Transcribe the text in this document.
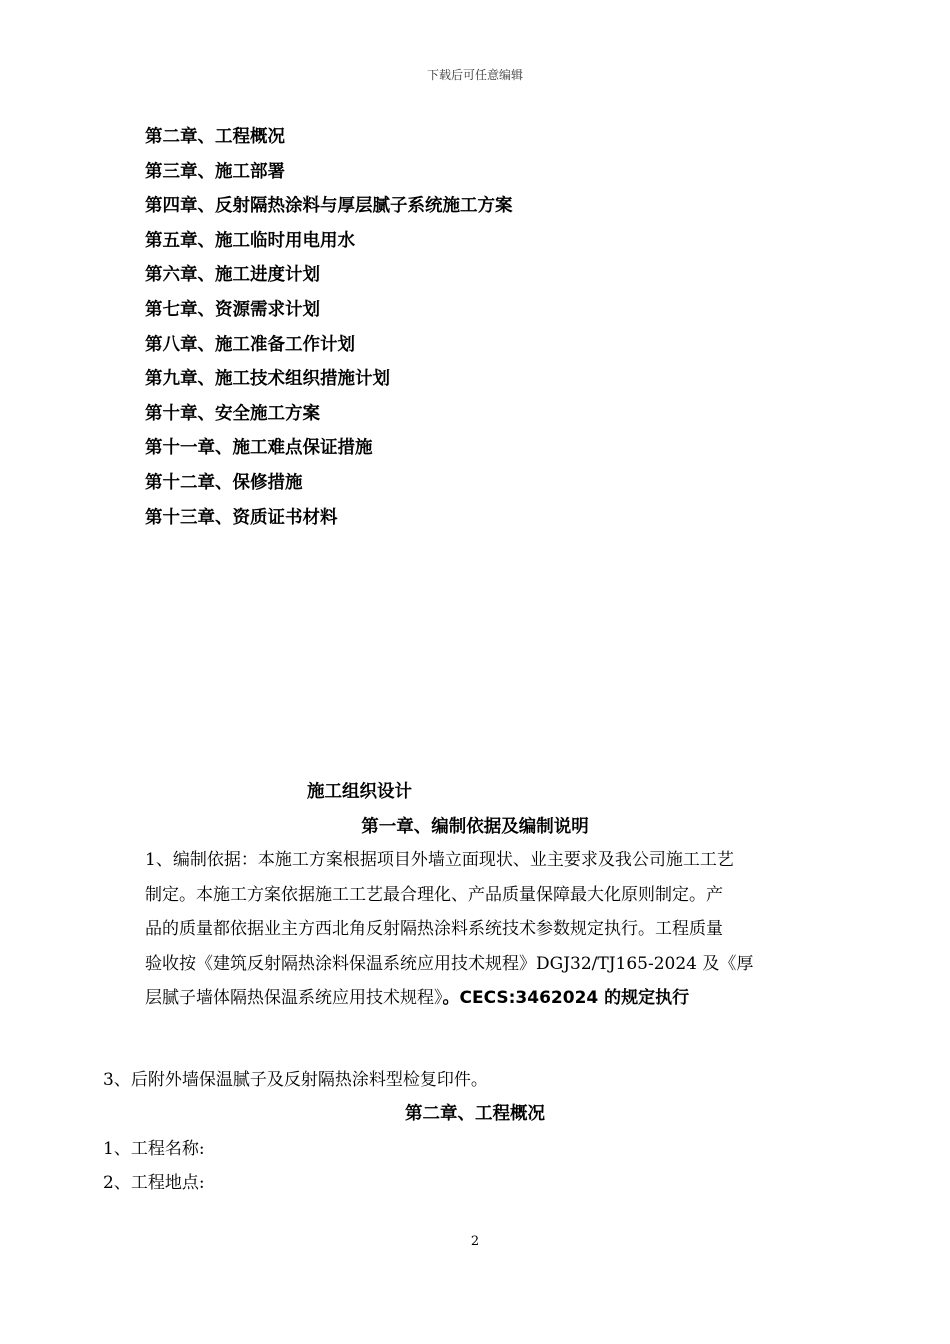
下载后可任意编辑
第二章、工程概况
第三章、施工部署
第四章、反射隔热涂料与厚层腻子系统施工方案
第五章、施工临时用电用水
第六章、施工进度计划
第七章、资源需求计划
第八章、施工准备工作计划
第九章、施工技术组织措施计划
第十章、安全施工方案
第十一章、施工难点保证措施
第十二章、保修措施
第十三章、资质证书材料
施工组织设计
第一章、编制依据及编制说明
1、编制依据：本施工方案根据项目外墙立面现状、业主要求及我公司施工工艺
制定。本施工方案依据施工工艺最合理化、产品质量保障最大化原则制定。产
品的质量都依据业主方西北角反射隔热涂料系统技术参数规定执行。工程质量
验收按《建筑反射隔热涂料保温系统应用技术规程》DGJ32/TJ165-2024 及《厚
层腻子墙体隔热保温系统应用技术规程》。CECS:3462024 的规定执行
3、后附外墙保温腻子及反射隔热涂料型检复印件。
第二章、工程概况
1、工程名称:
2、工程地点:
2
